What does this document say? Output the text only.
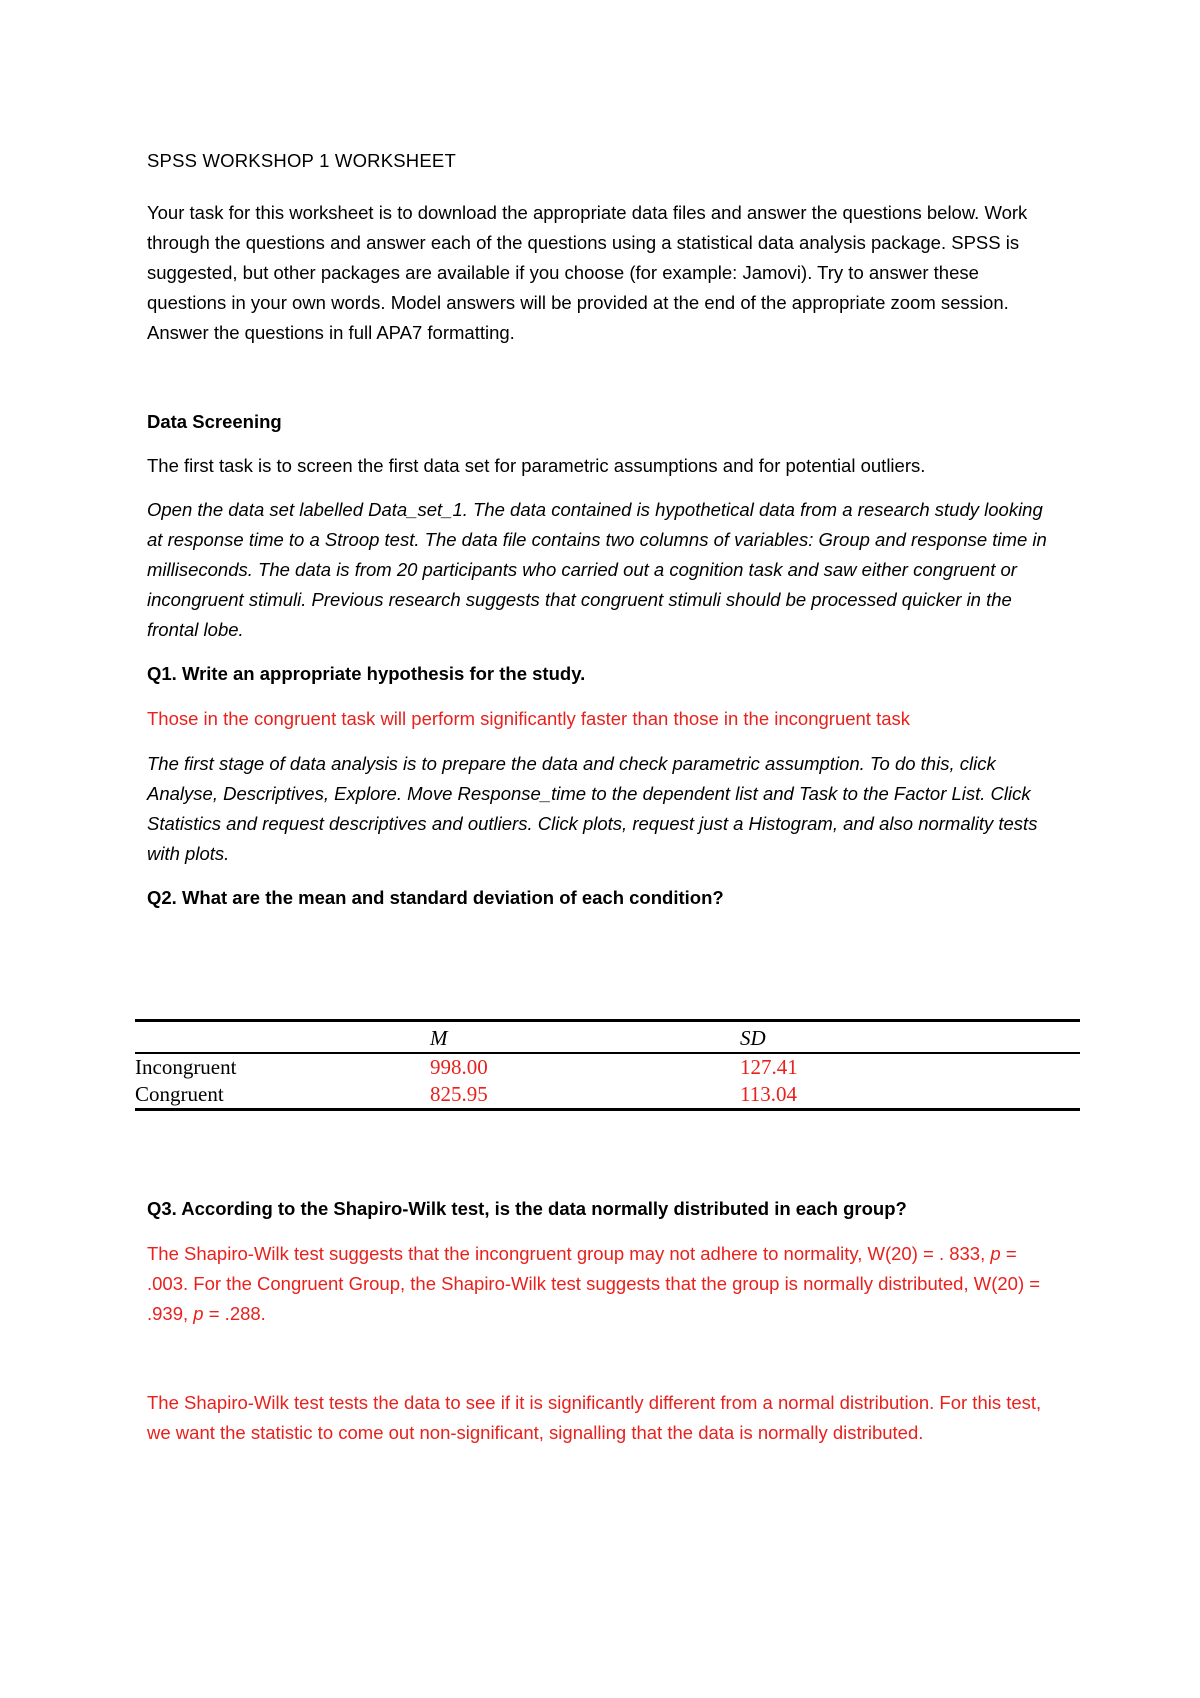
SPSS WORKSHOP 1 WORKSHEET

Your task for this worksheet is to download the appropriate data files and answer the questions below. Work through the questions and answer each of the questions using a statistical data analysis package. SPSS is suggested, but other packages are available if you choose (for example: Jamovi). Try to answer these questions in your own words. Model answers will be provided at the end of the appropriate zoom session. Answer the questions in full APA7 formatting.

Data Screening

The first task is to screen the first data set for parametric assumptions and for potential outliers.

Open the data set labelled Data_set_1. The data contained is hypothetical data from a research study looking at response time to a Stroop test. The data file contains two columns of variables: Group and response time in milliseconds. The data is from 20 participants who carried out a cognition task and saw either congruent or incongruent stimuli. Previous research suggests that congruent stimuli should be processed quicker in the frontal lobe.

Q1. Write an appropriate hypothesis for the study.

Those in the congruent task will perform significantly faster than those in the incongruent task

The first stage of data analysis is to prepare the data and check parametric assumption. To do this, click Analyse, Descriptives, Explore. Move Response_time to the dependent list and Task to the Factor List. Click Statistics and request descriptives and outliers. Click plots, request just a Histogram, and also normality tests with plots.

Q2. What are the mean and standard deviation of each condition?

	M	SD
Incongruent	998.00	127.41
Congruent	825.95	113.04

Q3. According to the Shapiro-Wilk test, is the data normally distributed in each group?

The Shapiro-Wilk test suggests that the incongruent group may not adhere to normality, W(20) = . 833, p = .003. For the Congruent Group, the Shapiro-Wilk test suggests that the group is normally distributed, W(20) = .939, p = .288.

The Shapiro-Wilk test tests the data to see if it is significantly different from a normal distribution. For this test, we want the statistic to come out non-significant, signalling that the data is normally distributed.
